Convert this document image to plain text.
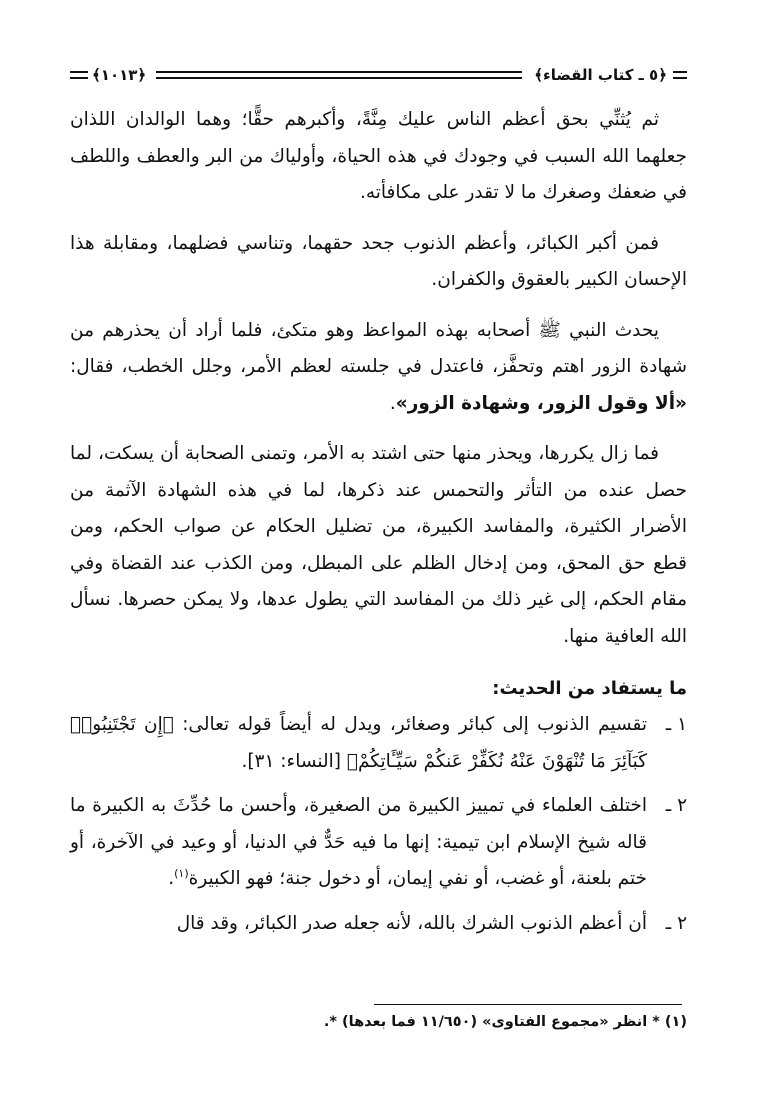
﴿٥ ـ كتاب القضاء﴾
﴿١٠١٣﴾

ثم يُثنِّي بحق أعظم الناس عليك مِنَّةً، وأكبرهم حقًّا؛ وهما الوالدان اللذان جعلهما الله السبب في وجودك في هذه الحياة، وأولياك من البر والعطف واللطف في ضعفك وصغرك ما لا تقدر على مكافأته.

فمن أكبر الكبائر، وأعظم الذنوب جحد حقهما، وتناسي فضلهما، ومقابلة هذا الإحسان الكبير بالعقوق والكفران.

يحدث النبي ﷺ أصحابه بهذه المواعظ وهو متكئ، فلما أراد أن يحذرهم من شهادة الزور اهتم وتحفَّز، فاعتدل في جلسته لعظم الأمر، وجلل الخطب، فقال: «ألا وقول الزور، وشهادة الزور».

فما زال يكررها، ويحذر منها حتى اشتد به الأمر، وتمنى الصحابة أن يسكت، لما حصل عنده من التأثر والتحمس عند ذكرها، لما في هذه الشهادة الآثمة من الأضرار الكثيرة، والمفاسد الكبيرة، من تضليل الحكام عن صواب الحكم، ومن قطع حق المحق، ومن إدخال الظلم على المبطل، ومن الكذب عند القضاة وفي مقام الحكم، إلى غير ذلك من المفاسد التي يطول عدها، ولا يمكن حصرها. نسأل الله العافية منها.

ما يستفاد من الحديث:
١ ـ
تقسيم الذنوب إلى كبائر وصغائر، ويدل له أيضاً قوله تعالى: ﴿إِن تَجْتَنِبُوا۟ كَبَآئِرَ مَا تُنْهَوْنَ عَنْهُ نُكَفِّرْ عَنكُمْ سَيِّـَٔاتِكُمْ﴾ [النساء: ٣١].
٢ ـ
اختلف العلماء في تمييز الكبيرة من الصغيرة، وأحسن ما حُدِّثَ به الكبيرة ما قاله شيخ الإسلام ابن تيمية: إنها ما فيه حَدٌّ في الدنيا، أو وعيد في الآخرة، أو ختم بلعنة، أو غضب، أو نفي إيمان، أو دخول جنة؛ فهو الكبيرة$^{(١)}$.
٢ ـ
أن أعظم الذنوب الشرك بالله، لأنه جعله صدر الكبائر، وقد قال
(١) * انظر «مجموع الفتاوى» (١١/٦٥٠ فما بعدها) *.
